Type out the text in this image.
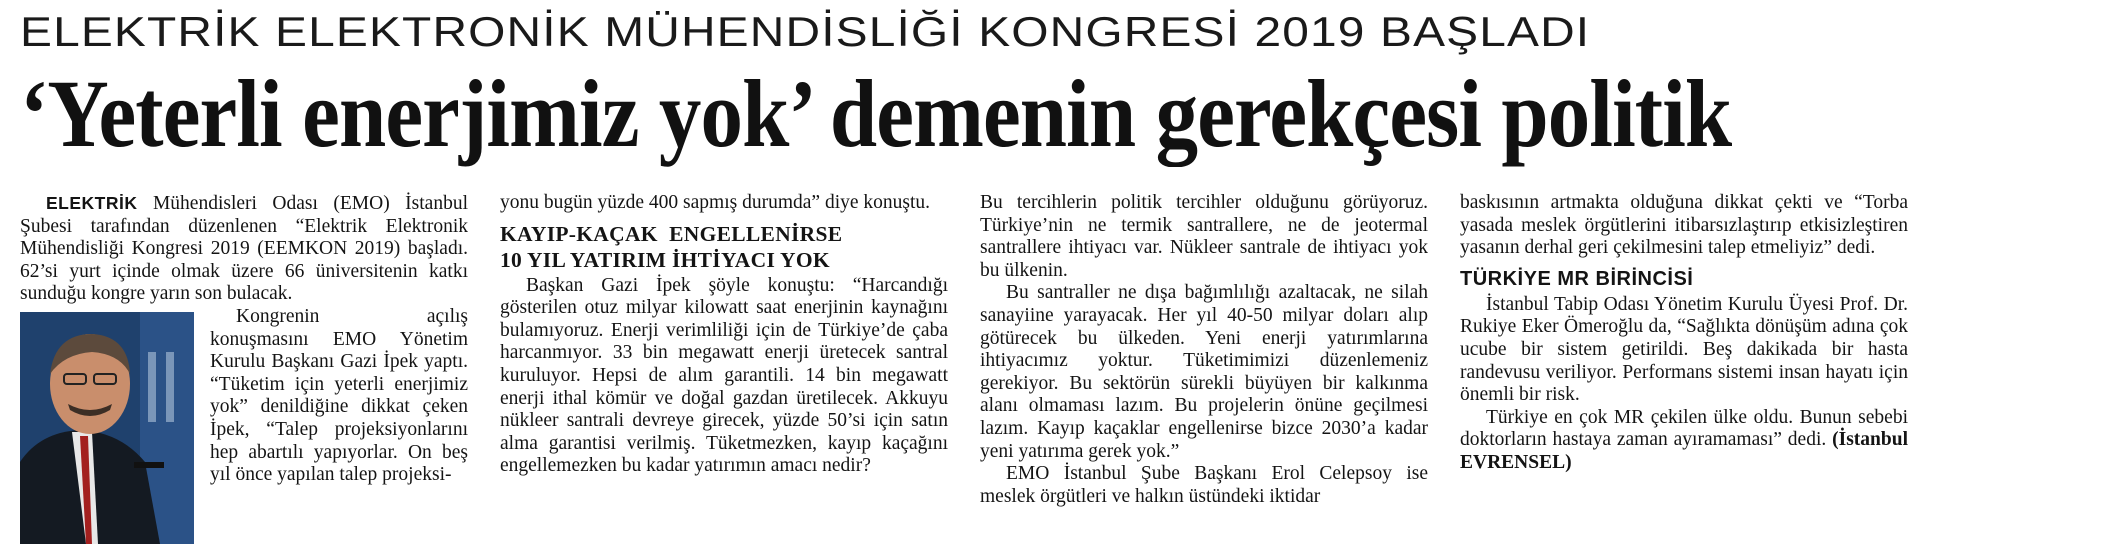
ELEKTRİK ELEKTRONİK MÜHENDİSLİĞİ KONGRESİ 2019 BAŞLADI
‘Yeterli enerjimiz yok’ demenin gerekçesi politik

ELEKTRİK Mühendisleri Odası (EMO) İstanbul Şubesi tarafından düzenlenen “Elektrik Elektronik Mühendisliği Kongresi 2019 (EEMKON 2019) başladı. 62’si yurt içinde olmak üzere 66 üniversitenin katkı sunduğu kongre yarın son bulacak.

Kongrenin açılış konuşmasını EMO Yönetim Kurulu Başkanı Gazi İpek yaptı. “Tüketim için yeterli enerjimiz yok” denildiğine dikkat çeken İpek, “Talep projeksiyonlarını hep abartılı yapıyorlar. On beş yıl önce yapılan talep projeksi-

yonu bugün yüzde 400 sapmış durumda” diye konuştu.

KAYIP-KAÇAK  ENGELLENİRSE
10 YIL YATIRIM İHTİYACI YOK

Başkan Gazi İpek şöyle konuştu: “Harcandığı gösterilen otuz milyar kilowatt saat enerjinin kaynağını bulamıyoruz. Enerji verimliliği için de Türkiye’de çaba harcanmıyor. 33 bin megawatt enerji üretecek santral kuruluyor. Hepsi de alım garantili. 14 bin megawatt enerji ithal kömür ve doğal gazdan üretilecek. Akkuyu nükleer santrali devreye girecek, yüzde 50’si için satın alma garantisi verilmiş. Tüketmezken, kayıp kaçağını engellemezken bu kadar yatırımın amacı nedir?

Bu tercihlerin politik tercihler olduğunu görüyoruz. Türkiye’nin ne termik santrallere, ne de jeotermal santrallere ihtiyacı var. Nükleer santrale de ihtiyacı yok bu ülkenin.

Bu santraller ne dışa bağımlılığı azaltacak, ne silah sanayiine yarayacak. Her yıl 40-50 milyar doları alıp götürecek bu ülkeden. Yeni enerji yatırımlarına ihtiyacımız yoktur. Tüketimimizi düzenlemeniz gerekiyor. Bu sektörün sürekli büyüyen bir kalkınma alanı olmaması lazım. Bu projelerin önüne geçilmesi lazım. Kayıp kaçaklar engellenirse bizce 2030’a kadar yeni yatırıma gerek yok.”

EMO İstanbul Şube Başkanı Erol Celepsoy ise meslek örgütleri ve halkın üstündeki iktidar

baskısının artmakta olduğuna dikkat çekti ve “Torba yasada meslek örgütlerini itibarsızlaştırıp etkisizleştiren yasanın derhal geri çekilmesini talep etmeliyiz” dedi.

TÜRKİYE MR BİRİNCİSİ

İstanbul Tabip Odası Yönetim Kurulu Üyesi Prof. Dr. Rukiye Eker Ömeroğlu da, “Sağlıkta dönüşüm adına çok ucube bir sistem getirildi. Beş dakikada bir hasta randevusu veriliyor. Performans sistemi insan hayatı için önemli bir risk.

Türkiye en çok MR çekilen ülke oldu. Bunun sebebi doktorların hastaya zaman ayıramaması” dedi. (İstanbul EVRENSEL)
